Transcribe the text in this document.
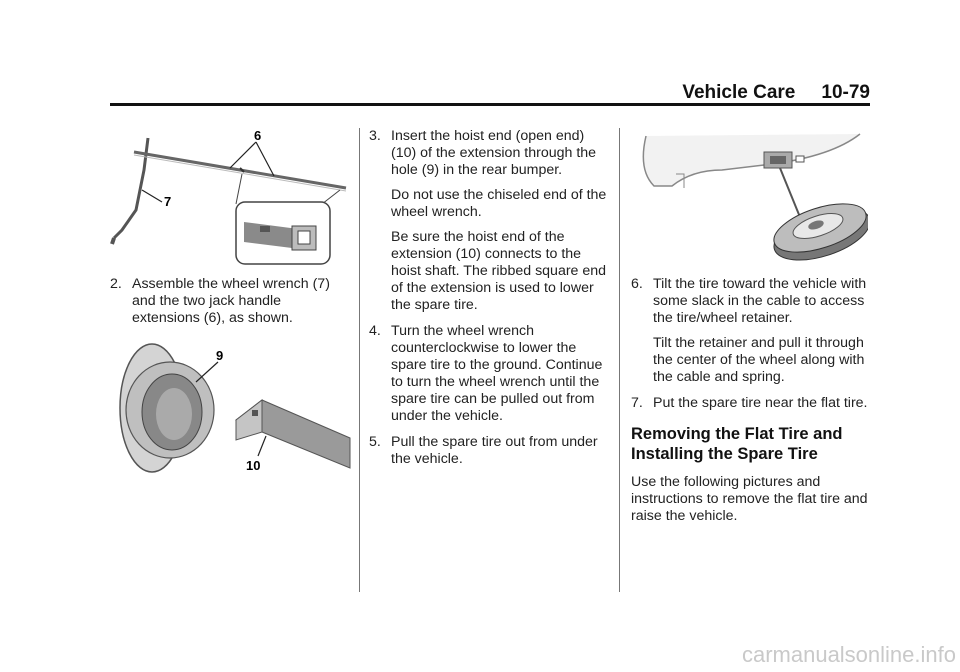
Vehicle Care 10-79
6
7
2. Assemble the wheel wrench (7) and the two jack handle extensions (6), as shown.
9
10
3. Insert the hoist end (open end) (10) of the extension through the hole (9) in the rear bumper.
Do not use the chiseled end of the wheel wrench.
Be sure the hoist end of the extension (10) connects to the hoist shaft. The ribbed square end of the extension is used to lower the spare tire.
4. Turn the wheel wrench counterclockwise to lower the spare tire to the ground. Continue to turn the wheel wrench until the spare tire can be pulled out from under the vehicle.
5. Pull the spare tire out from under the vehicle.
6. Tilt the tire toward the vehicle with some slack in the cable to access the tire/wheel retainer.
Tilt the retainer and pull it through the center of the wheel along with the cable and spring.
7. Put the spare tire near the flat tire.
Removing the Flat Tire and Installing the Spare Tire

Use the following pictures and instructions to remove the flat tire and raise the vehicle.

carmanualsonline.info
